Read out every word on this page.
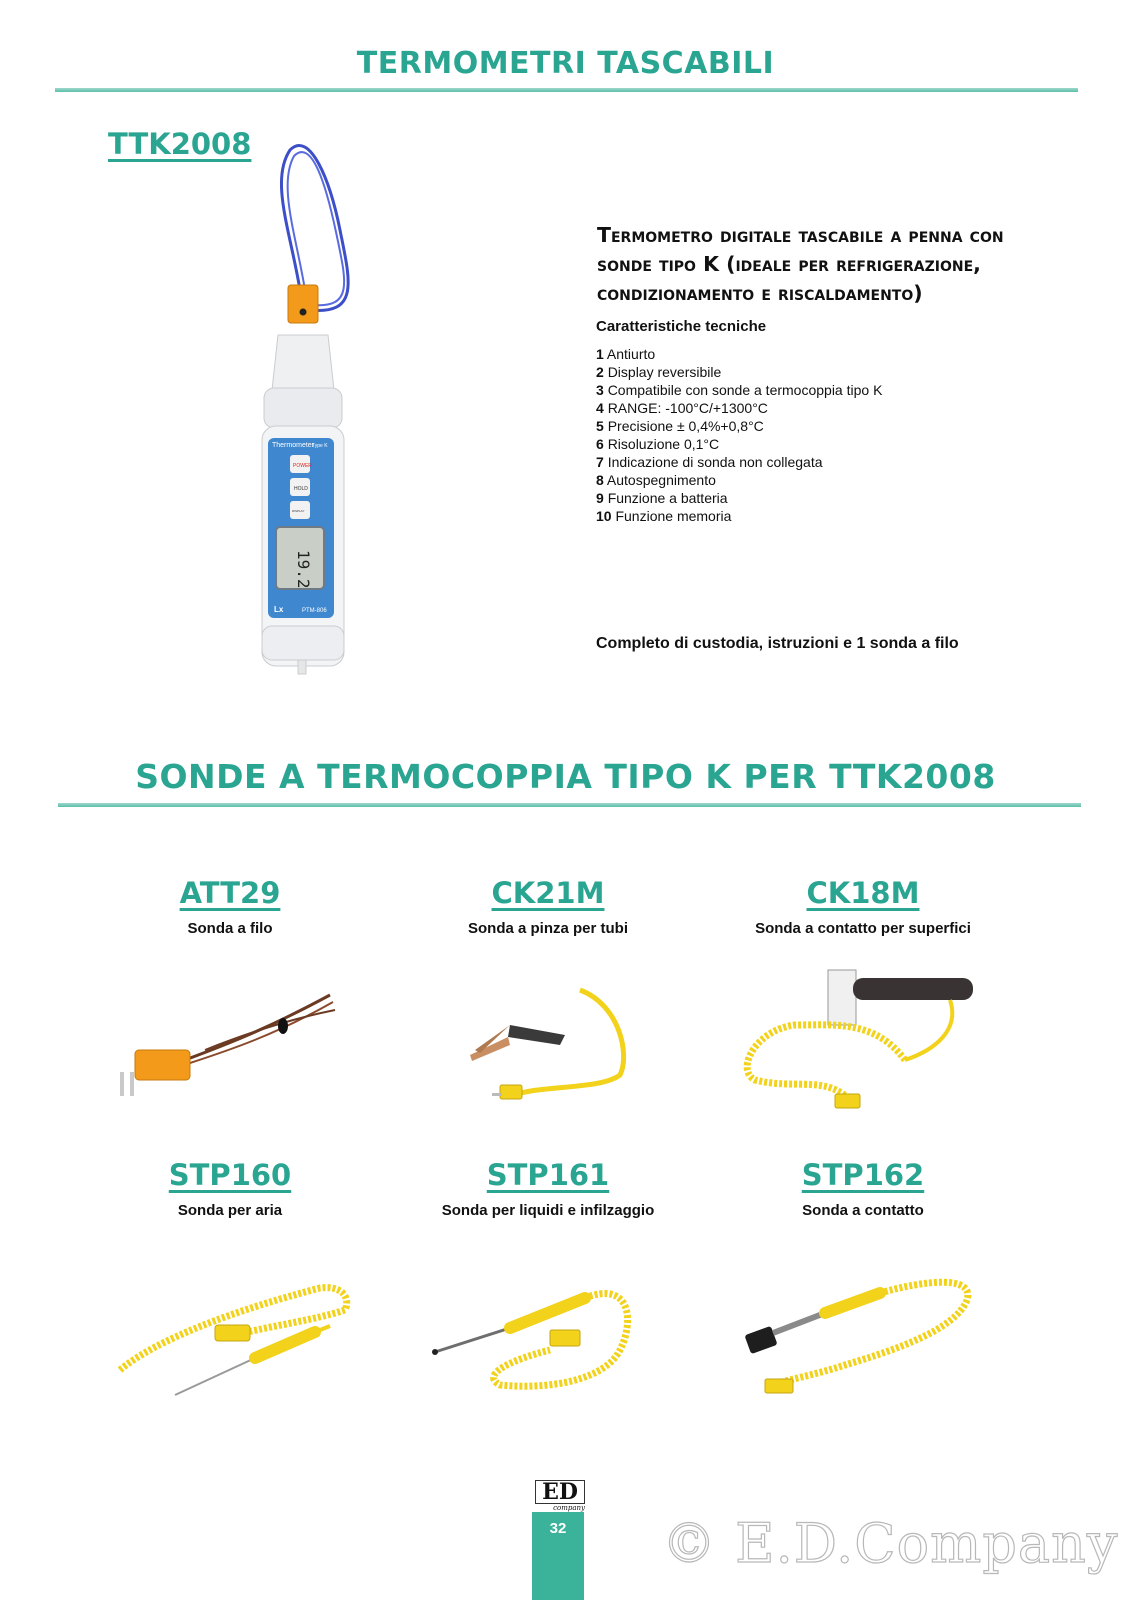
TERMOMETRI TASCABILI
TTK2008
Thermometer
Type K
POWER
HOLD
DISPLAY
19.2
Lx	PTM-806
Termometro digitale tascabile a penna con sonde tipo K (ideale per refrigerazione, condizionamento e riscaldamento)
Caratteristiche tecniche
1 Antiurto
2 Display reversibile
3 Compatibile con sonde a termocoppia tipo K
4 RANGE: -100°C/+1300°C
5 Precisione ± 0,4%+0,8°C
6 Risoluzione 0,1°C
7 Indicazione di sonda non collegata
8 Autospegnimento
9 Funzione a batteria
10 Funzione memoria
Completo di custodia, istruzioni e 1 sonda a filo
SONDE A TERMOCOPPIA TIPO K PER TTK2008
ATT29
Sonda a filo
CK21M
Sonda a pinza per tubi
CK18M
Sonda a contatto per superfici
STP160
Sonda per aria
STP161
Sonda per liquidi e infilzaggio
STP162
Sonda a contatto
ED
company
32	© E.D.Company
